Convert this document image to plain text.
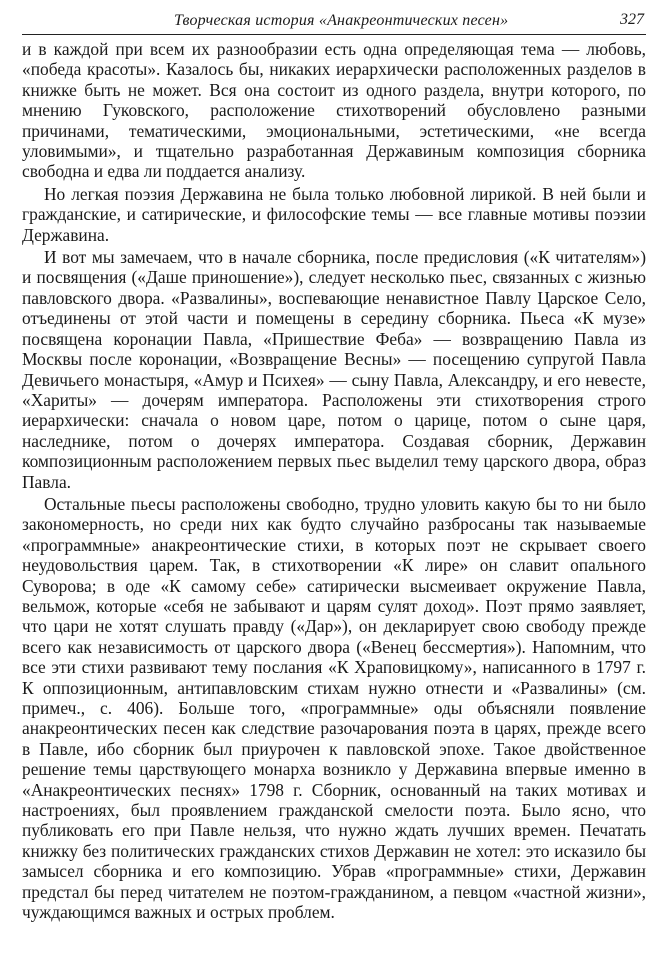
Творческая история «Анакреонтических песен»	327

и в каждой при всем их разнообразии есть одна определяющая тема — любовь, «победа красоты». Казалось бы, никаких иерархически расположенных разделов в книжке быть не может. Вся она состоит из одного раздела, внутри которого, по мнению Гуковского, расположение стихотворений обусловлено разными причинами, тематическими, эмоциональными, эстетическими, «не всегда уловимыми», и тщательно разработанная Державиным композиция сборника свободна и едва ли поддается анализу.

Но легкая поэзия Державина не была только любовной лирикой. В ней были и гражданские, и сатирические, и философские темы — все главные мотивы поэзии Державина.

И вот мы замечаем, что в начале сборника, после предисловия («К читателям») и посвящения («Даше приношение»), следует несколько пьес, связанных с жизнью павловского двора. «Развалины», воспевающие ненавистное Павлу Царское Село, отъединены от этой части и помещены в середину сборника. Пьеса «К музе» посвящена коронации Павла, «Пришествие Феба» — возвращению Павла из Москвы после коронации, «Возвращение Весны» — посещению супругой Павла Девичьего монастыря, «Амур и Психея» — сыну Павла, Александру, и его невесте, «Хариты» — дочерям императора. Расположены эти стихотворения строго иерархически: сначала о новом царе, потом о царице, потом о сыне царя, наследнике, потом о дочерях императора. Создавая сборник, Державин композиционным расположением первых пьес выделил тему царского двора, образ Павла.

Остальные пьесы расположены свободно, трудно уловить какую бы то ни было закономерность, но среди них как будто случайно разбросаны так называемые «программные» анакреонтические стихи, в которых поэт не скрывает своего неудовольствия царем. Так, в стихотворении «К лире» он славит опального Суворова; в оде «К самому себе» сатирически высмеивает окружение Павла, вельмож, которые «себя не забывают и царям сулят доход». Поэт прямо заявляет, что цари не хотят слушать правду («Дар»), он декларирует свою свободу прежде всего как независимость от царского двора («Венец бессмертия»). Напомним, что все эти стихи развивают тему послания «К Храповицкому», написанного в 1797 г. К оппозиционным, антипавловским стихам нужно отнести и «Развалины» (см. примеч., с. 406). Больше того, «программные» оды объясняли появление анакреонтических песен как следствие разочарования поэта в царях, прежде всего в Павле, ибо сборник был приурочен к павловской эпохе. Такое двойственное решение темы царствующего монарха возникло у Державина впервые именно в «Анакреонтических песнях» 1798 г. Сборник, основанный на таких мотивах и настроениях, был проявлением гражданской смелости поэта. Было ясно, что публиковать его при Павле нельзя, что нужно ждать лучших времен. Печатать книжку без политических гражданских стихов Державин не хотел: это исказило бы замысел сборника и его композицию. Убрав «программные» стихи, Державин предстал бы перед читателем не поэтом-гражданином, а певцом «частной жизни», чуждающимся важных и острых проблем.
